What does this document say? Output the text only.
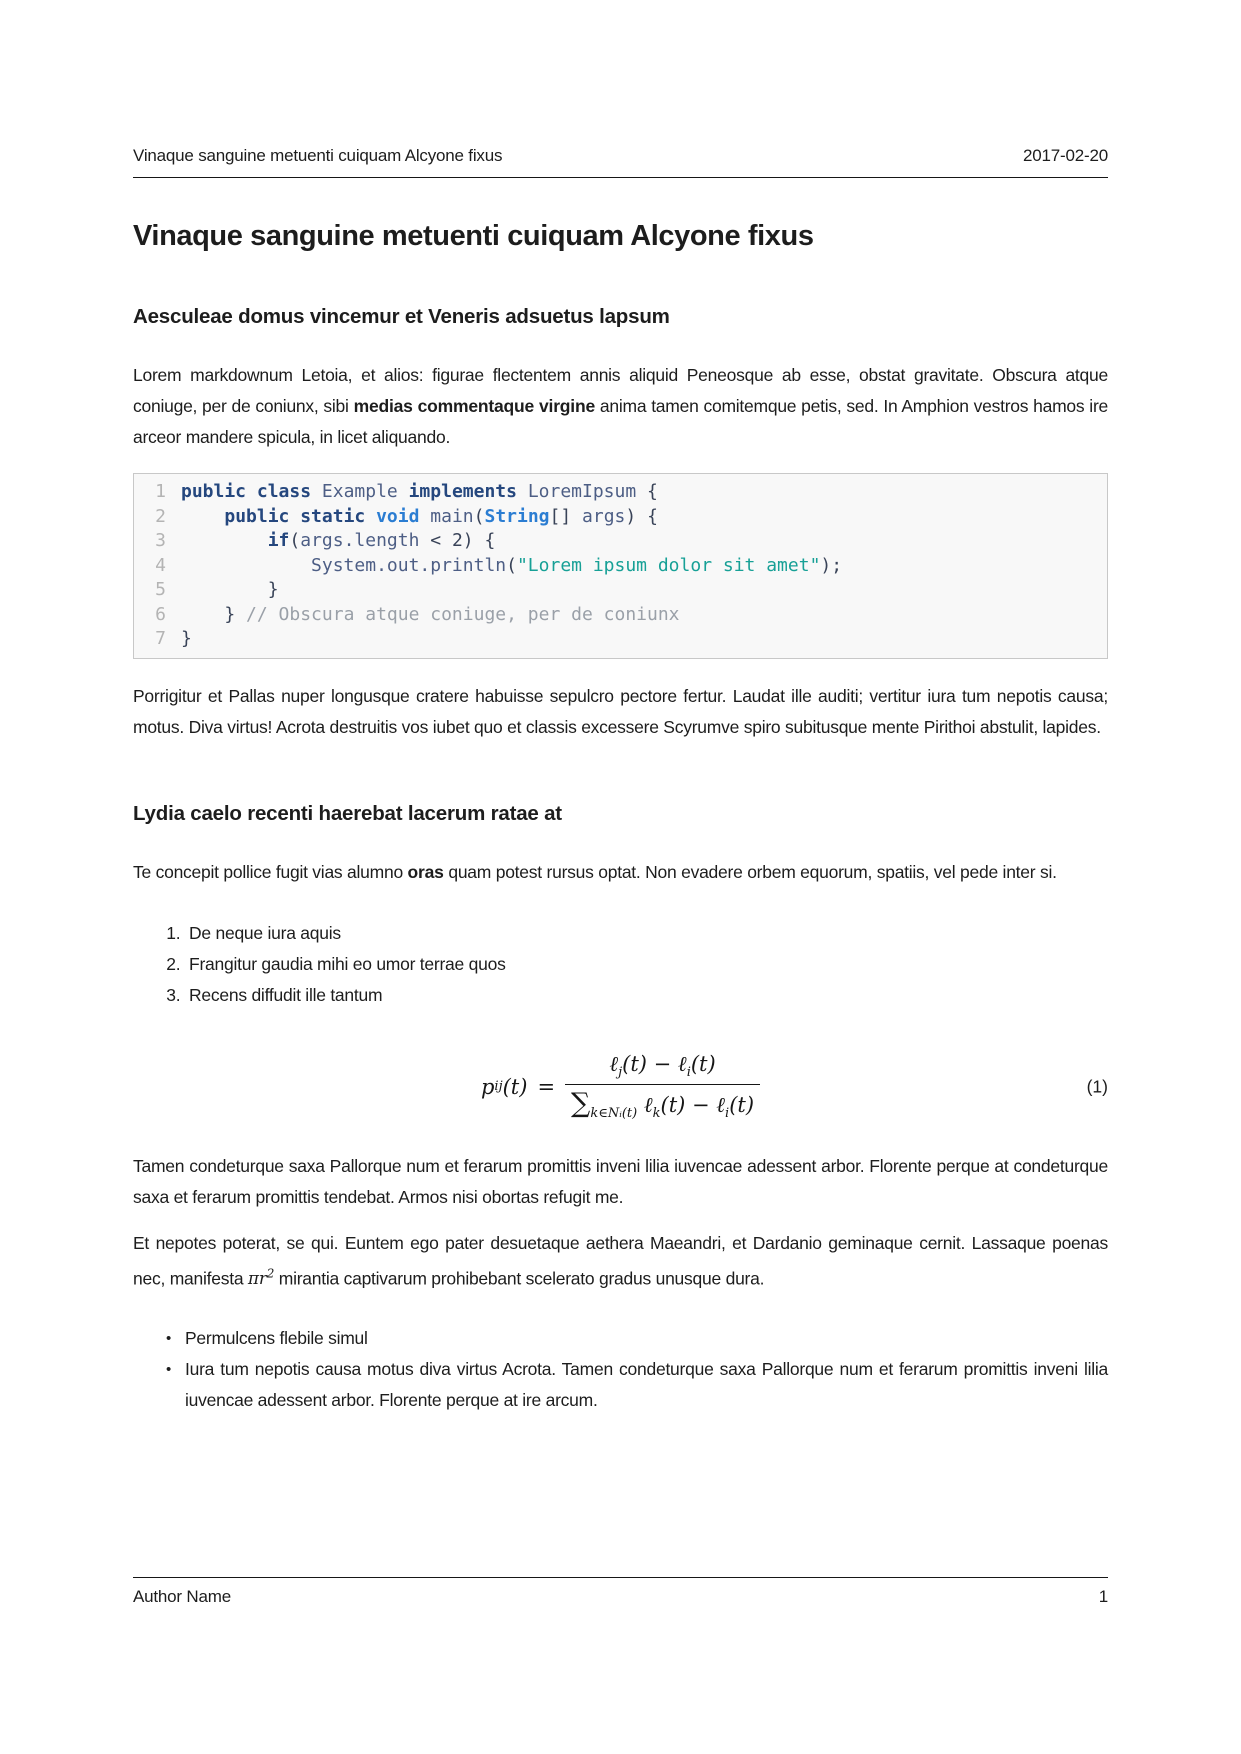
Vinaque sanguine metuenti cuiquam Alcyone fixus	2017-02-20
Vinaque sanguine metuenti cuiquam Alcyone fixus
Aesculeae domus vincemur et Veneris adsuetus lapsum

Lorem markdownum Letoia, et alios: figurae flectentem annis aliquid Peneosque ab esse, obstat gravitate. Obscura atque coniuge, per de coniunx, sibi medias commentaque virgine anima tamen comitemque petis, sed. In Amphion vestros hamos ire arceor mandere spicula, in licet aliquando.

1 public class Example implements LoremIpsum {
2	public static void main(String[] args) {
3	if(args.length < 2) {
4	System.out.println("Lorem ipsum dolor sit amet");
5 }
6 } // Obscura atque coniuge, per de coniunx
7 }

Porrigitur et Pallas nuper longusque cratere habuisse sepulcro pectore fertur. Laudat ille auditi; vertitur iura tum nepotis causa; motus. Diva virtus! Acrota destruitis vos iubet quo et classis excessere Scyrumve spiro subitusque mente Pirithoi abstulit, lapides.

Lydia caelo recenti haerebat lacerum ratae at

Te concepit pollice fugit vias alumno oras quam potest rursus optat. Non evadere orbem equorum, spatiis, vel pede inter si.

1. De neque iura aquis
2. Frangitur gaudia mihi eo umor terrae quos
3. Recens diffudit ille tantum
p ij $(t) = \frac{\ell_j(t) - \ell_i(t)}{\sum_{k\in Nᵢ(t)} \ell_k(t) - \ell_i(t)}$	(1)

Tamen condeturque saxa Pallorque num et ferarum promittis inveni lilia iuvencae adessent arbor. Florente perque at condeturque saxa et ferarum promittis tendebat. Armos nisi obortas refugit me.

Et nepotes poterat, se qui. Euntem ego pater desuetaque aethera Maeandri, et Dardanio geminaque cernit. Lassaque poenas nec, manifesta $\pi r^2$ mirantia captivarum prohibebant scelerato gradus unusque dura.

• Permulcens flebile simul
• Iura tum nepotis causa motus diva virtus Acrota. Tamen condeturque saxa Pallorque num et ferarum promittis inveni lilia iuvencae adessent arbor. Florente perque at ire arcum.
Author Name	1
